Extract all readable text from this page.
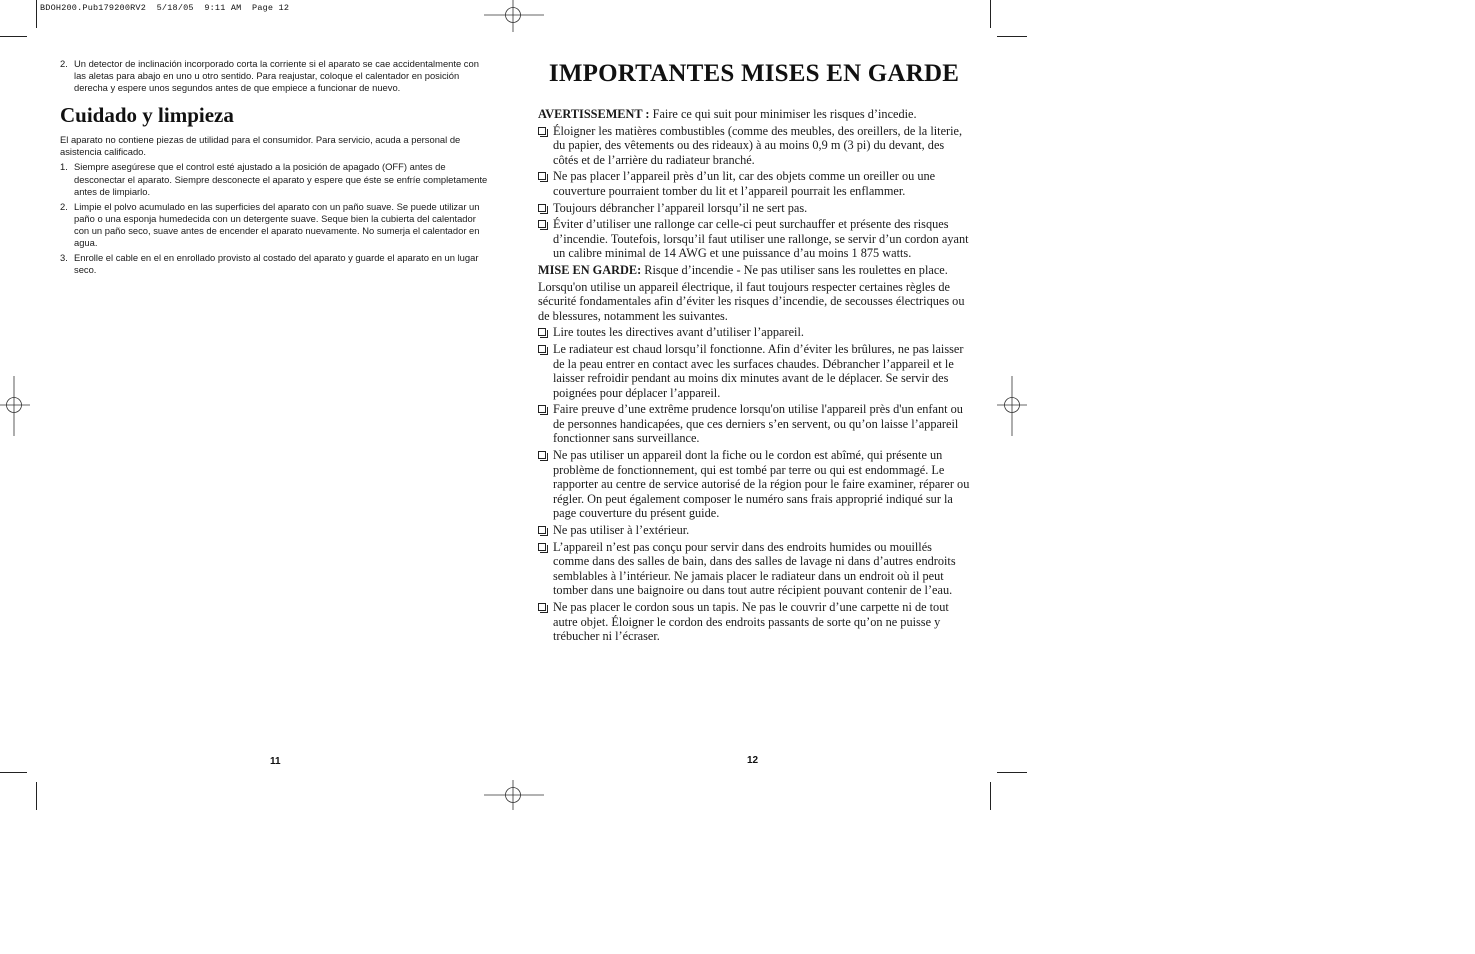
BDOH200.Pub179200RV2  5/18/05  9:11 AM  Page 12
2. Un detector de inclinación incorporado corta la corriente si el aparato se cae accidentalmente con las aletas para abajo en uno u otro sentido. Para reajustar, coloque el calentador en posición derecha y espere unos segundos antes de que empiece a funcionar de nuevo.
Cuidado y limpieza

El aparato no contiene piezas de utilidad para el consumidor. Para servicio, acuda a personal de asistencia calificado.

1. Siempre asegúrese que el control esté ajustado a la posición de apagado (OFF) antes de desconectar el aparato. Siempre desconecte el aparato y espere que éste se enfríe completamente antes de limpiarlo.
2. Limpie el polvo acumulado en las superficies del aparato con un paño suave. Se puede utilizar un paño o una esponja humedecida con un detergente suave. Seque bien la cubierta del calentador con un paño seco, suave antes de encender el aparato nuevamente. No sumerja el calentador en agua.
3. Enrolle el cable en el en enrollado provisto al costado del aparato y guarde el aparato en un lugar seco.
11
IMPORTANTES MISES EN GARDE

AVERTISSEMENT : Faire ce qui suit pour minimiser les risques d’incedie.

Éloigner les matières combustibles (comme des meubles, des oreillers, de la literie, du papier, des vêtements ou des rideaux) à au moins 0,9 m (3 pi) du devant, des côtés et de l’arrière du radiateur branché.
Ne pas placer l’appareil près d’un lit, car des objets comme un oreiller ou une couverture pourraient tomber du lit et l’appareil pourrait les enflammer.
Toujours débrancher l’appareil lorsqu’il ne sert pas.
Éviter d’utiliser une rallonge car celle-ci peut surchauffer et présente des risques d’incendie. Toutefois, lorsqu’il faut utiliser une rallonge, se servir d’un cordon ayant un calibre minimal de 14 AWG et une puissance d’au moins 1 875 watts.

MISE EN GARDE: Risque d’incendie - Ne pas utiliser sans les roulettes en place.

Lorsqu'on utilise un appareil électrique, il faut toujours respecter certaines règles de sécurité fondamentales afin d’éviter les risques d’incendie, de secousses électriques ou de blessures, notamment les suivantes.

Lire toutes les directives avant d’utiliser l’appareil.
Le radiateur est chaud lorsqu’il fonctionne. Afin d’éviter les brûlures, ne pas laisser de la peau entrer en contact avec les surfaces chaudes. Débrancher l’appareil et le laisser refroidir pendant au moins dix minutes avant de le déplacer. Se servir des poignées pour déplacer l’appareil.
Faire preuve d’une extrême prudence lorsqu'on utilise l'appareil près d'un enfant ou de personnes handicapées, que ces derniers s’en servent, ou qu’on laisse l’appareil fonctionner sans surveillance.
Ne pas utiliser un appareil dont la fiche ou le cordon est abîmé, qui présente un problème de fonctionnement, qui est tombé par terre ou qui est endommagé. Le rapporter au centre de service autorisé de la région pour le faire examiner, réparer ou régler. On peut également composer le numéro sans frais approprié indiqué sur la page couverture du présent guide.
Ne pas utiliser à l’extérieur.
L’appareil n’est pas conçu pour servir dans des endroits humides ou mouillés comme dans des salles de bain, dans des salles de lavage ni dans d’autres endroits semblables à l’intérieur. Ne jamais placer le radiateur dans un endroit où il peut tomber dans une baignoire ou dans tout autre récipient pouvant contenir de l’eau.
Ne pas placer le cordon sous un tapis. Ne pas le couvrir d’une carpette ni de tout autre objet. Éloigner le cordon des endroits passants de sorte qu’on ne puisse y trébucher ni l’écraser.
12
